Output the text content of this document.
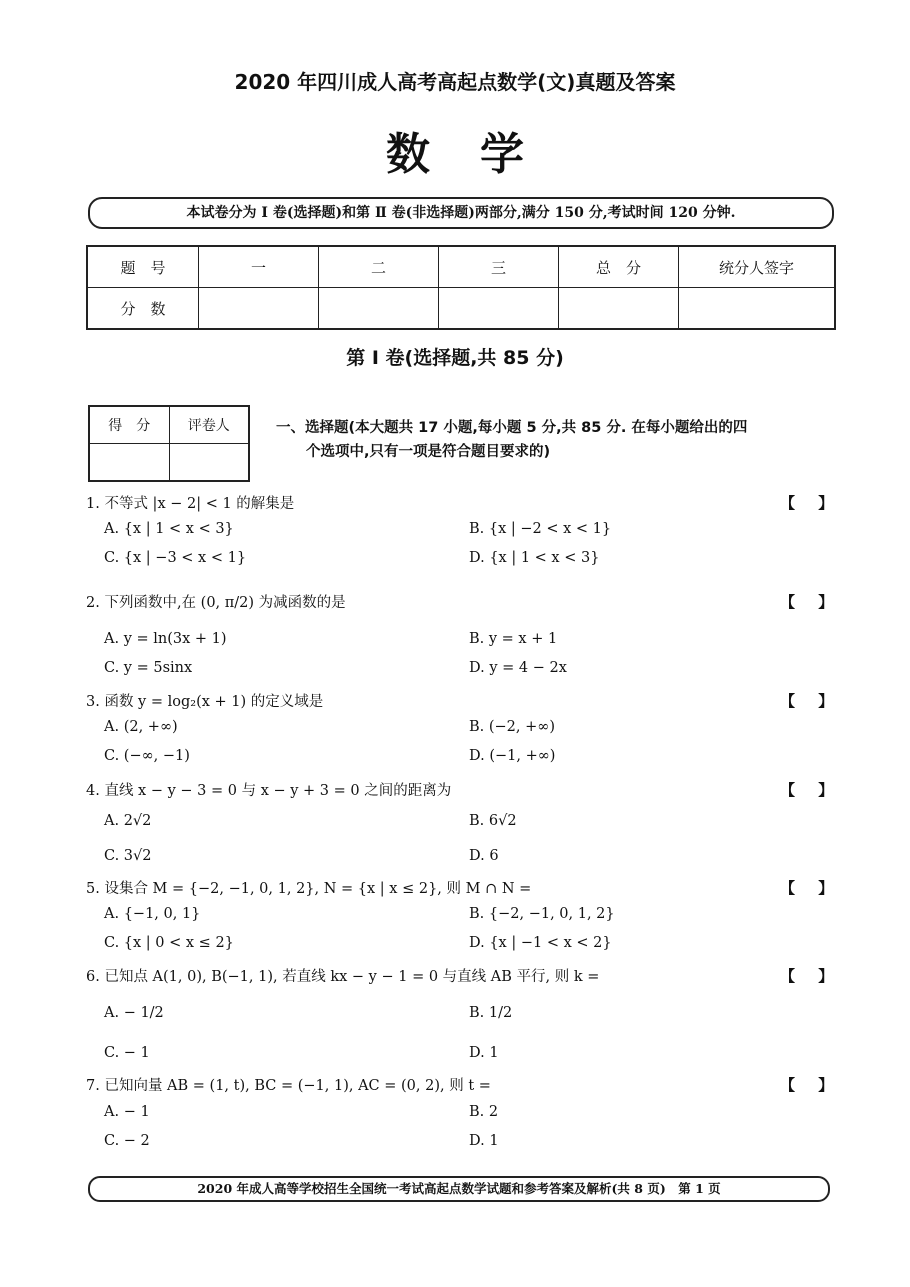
2020 年四川成人高考高起点数学(文)真题及答案
数学
本试卷分为 Ⅰ 卷(选择题)和第 Ⅱ 卷(非选择题)两部分,满分 150 分,考试时间 120 分钟.
题　号	一	二	三	总　分	统分人签字
分　数					
第 Ⅰ 卷(选择题,共 85 分)
得　分	评卷人
		一、选择题(本大题共 17 小题,每小题 5 分,共 85 分. 在每小题给出的四
个选项中,只有一项是符合题目要求的)
1. 不等式 |x − 2| < 1 的解集是	【 】
A. {x | 1 < x < 3}	B. {x | −2 < x < 1}
C. {x | −3 < x < 1}	D. {x | 1 < x < 3}
2. 下列函数中,在 (0, π/2) 为减函数的是	【 】
A. y = ln(3x + 1)	B. y = x + 1
C. y = 5sinx	D. y = 4 − 2x
3. 函数 y = log₂(x + 1) 的定义域是	【 】
A. (2, +∞)	B. (−2, +∞)
C. (−∞, −1)	D. (−1, +∞)
4. 直线 x − y − 3 = 0 与 x − y + 3 = 0 之间的距离为	【 】
A. 2√2	B. 6√2
C. 3√2	D. 6
5. 设集合 M = {−2, −1, 0, 1, 2}, N = {x | x ≤ 2}, 则 M ∩ N =	【 】
A. {−1, 0, 1}	B. {−2, −1, 0, 1, 2}
C. {x | 0 < x ≤ 2}	D. {x | −1 < x < 2}
6. 已知点 A(1, 0), B(−1, 1), 若直线 kx − y − 1 = 0 与直线 AB 平行, 则 k =	【 】
A. − 1/2	B. 1/2
C. − 1	D. 1
7. 已知向量 AB = (1, t), BC = (−1, 1), AC = (0, 2), 则 t =	【 】
A. − 1	B. 2
C. − 2	D. 1
2020 年成人高等学校招生全国统一考试高起点数学试题和参考答案及解析(共 8 页)　第 1 页
